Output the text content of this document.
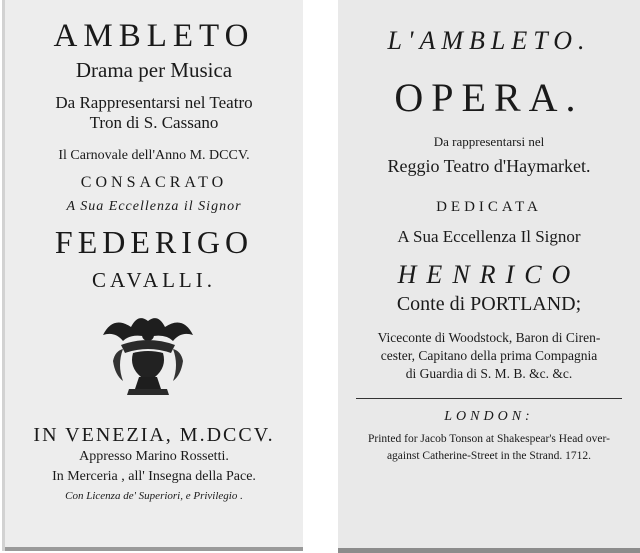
AMBLETO
Drama per Musica
Da Rappresentarsi nel Teatro
Tron di S. Cassano
Il Carnovale dell'Anno M. DCCV.
CONSACRATO
A Sua Eccellenza il Signor
FEDERIGO
CAVALLI.
IN VENEZIA, M.DCCV.
Appresso Marino Rossetti.
In Merceria , all' Insegna della Pace.
Con Licenza de' Superiori, e Privilegio .
L'AMBLETO.
OPERA.
Da rappresentarsi nel
Reggio Teatro d'Haymarket.
DEDICATA
A Sua Eccellenza Il Signor
HENRICO
Conte di PORTLAND;
Viceconte di Woodstock, Baron di Ciren-
cester, Capitano della prima Compagnia
di Guardia di S. M. B. &c. &c.
LONDON:
Printed for Jacob Tonson at Shakespear's Head over-
against Catherine-Street in the Strand. 1712.
